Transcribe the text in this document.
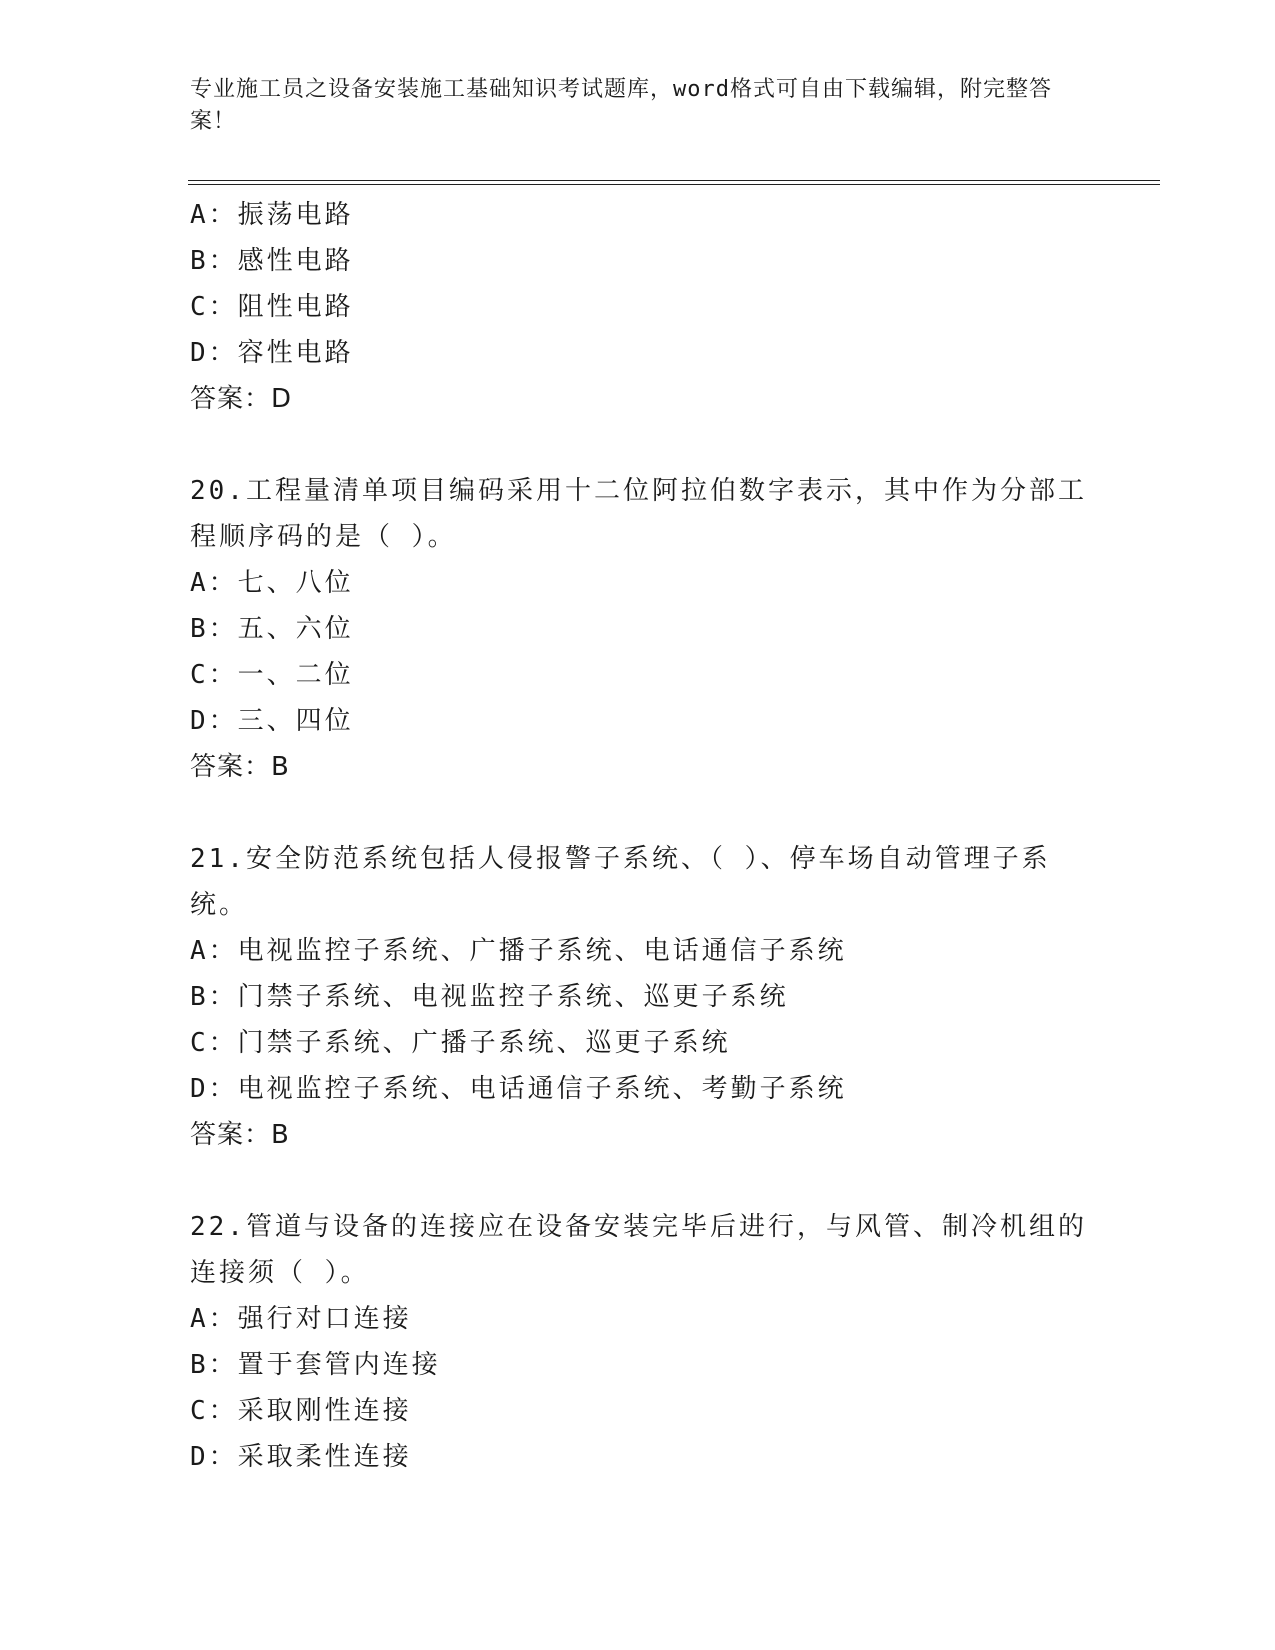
专业施工员之设备安装施工基础知识考试题库，word格式可自由下载编辑，附完整答案！
A：振荡电路
B：感性电路
C：阻性电路
D：容性电路
答案：D
20.工程量清单项目编码采用十二位阿拉伯数字表示，其中作为分部工程顺序码的是（ ）。
A：七、八位
B：五、六位
C：一、二位
D：三、四位
答案：B
21.安全防范系统包括人侵报警子系统、（ ）、停车场自动管理子系统。
A：电视监控子系统、广播子系统、电话通信子系统
B：门禁子系统、电视监控子系统、巡更子系统
C：门禁子系统、广播子系统、巡更子系统
D：电视监控子系统、电话通信子系统、考勤子系统
答案：B
22.管道与设备的连接应在设备安装完毕后进行，与风管、制冷机组的连接须（ ）。
A：强行对口连接
B：置于套管内连接
C：采取刚性连接
D：采取柔性连接
